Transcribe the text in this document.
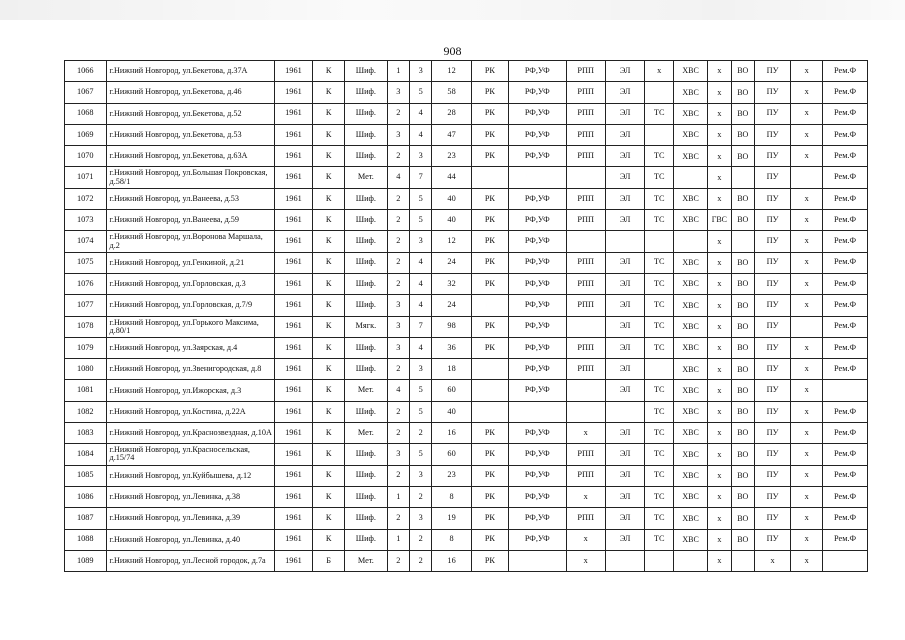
908
1066	г.Нижний Новгород, ул.Бекетова, д.37А	1961	К	Шиф.	1	3	12	РК	РФ,УФ	РПП	ЭЛ	х	ХВС	х	ВО	ПУ	х	Рем.Ф
1067	г.Нижний Новгород, ул.Бекетова, д.46	1961	К	Шиф.	3	5	58	РК	РФ,УФ	РПП	ЭЛ		ХВС	х	ВО	ПУ	х	Рем.Ф
1068	г.Нижний Новгород, ул.Бекетова, д.52	1961	К	Шиф.	2	4	28	РК	РФ,УФ	РПП	ЭЛ	ТС	ХВС	х	ВО	ПУ	х	Рем.Ф
1069	г.Нижний Новгород, ул.Бекетова, д.53	1961	К	Шиф.	3	4	47	РК	РФ,УФ	РПП	ЭЛ		ХВС	х	ВО	ПУ	х	Рем.Ф
1070	г.Нижний Новгород, ул.Бекетова, д.63А	1961	К	Шиф.	2	3	23	РК	РФ,УФ	РПП	ЭЛ	ТС	ХВС	х	ВО	ПУ	х	Рем.Ф
1071	г.Нижний Новгород, ул.Большая Покровская, д.58/1	1961	К	Мет.	4	7	44				ЭЛ	ТС		х		ПУ		Рем.Ф
1072	г.Нижний Новгород, ул.Ванеева, д.53	1961	К	Шиф.	2	5	40	РК	РФ,УФ	РПП	ЭЛ	ТС	ХВС	х	ВО	ПУ	х	Рем.Ф
1073	г.Нижний Новгород, ул.Ванеева, д.59	1961	К	Шиф.	2	5	40	РК	РФ,УФ	РПП	ЭЛ	ТС	ХВС	ГВС	ВО	ПУ	х	Рем.Ф
1074	г.Нижний Новгород, ул.Воронова Маршала, д.2	1961	К	Шиф.	2	3	12	РК	РФ,УФ					х		ПУ	х	Рем.Ф
1075	г.Нижний Новгород, ул.Генкиной, д.21	1961	К	Шиф.	2	4	24	РК	РФ,УФ	РПП	ЭЛ	ТС	ХВС	х	ВО	ПУ	х	Рем.Ф
1076	г.Нижний Новгород, ул.Горловская, д.3	1961	К	Шиф.	2	4	32	РК	РФ,УФ	РПП	ЭЛ	ТС	ХВС	х	ВО	ПУ	х	Рем.Ф
1077	г.Нижний Новгород, ул.Горловская, д.7/9	1961	К	Шиф.	3	4	24		РФ,УФ	РПП	ЭЛ	ТС	ХВС	х	ВО	ПУ	х	Рем.Ф
1078	г.Нижний Новгород, ул.Горького Максима, д.80/1	1961	К	Мягк.	3	7	98	РК	РФ,УФ		ЭЛ	ТС	ХВС	х	ВО	ПУ		Рем.Ф
1079	г.Нижний Новгород, ул.Заярская, д.4	1961	К	Шиф.	3	4	36	РК	РФ,УФ	РПП	ЭЛ	ТС	ХВС	х	ВО	ПУ	х	Рем.Ф
1080	г.Нижний Новгород, ул.Звенигородская, д.8	1961	К	Шиф.	2	3	18		РФ,УФ	РПП	ЭЛ		ХВС	х	ВО	ПУ	х	Рем.Ф
1081	г.Нижний Новгород, ул.Ижорская, д.3	1961	К	Мет.	4	5	60		РФ,УФ		ЭЛ	ТС	ХВС	х	ВО	ПУ	х	
1082	г.Нижний Новгород, ул.Костина, д.22А	1961	К	Шиф.	2	5	40					ТС	ХВС	х	ВО	ПУ	х	Рем.Ф
1083	г.Нижний Новгород, ул.Краснозвездная, д.10А	1961	К	Мет.	2	2	16	РК	РФ,УФ	х	ЭЛ	ТС	ХВС	х	ВО	ПУ	х	Рем.Ф
1084	г.Нижний Новгород, ул.Красносельская, д.15/74	1961	К	Шиф.	3	5	60	РК	РФ,УФ	РПП	ЭЛ	ТС	ХВС	х	ВО	ПУ	х	Рем.Ф
1085	г.Нижний Новгород, ул.Куйбышева, д.12	1961	К	Шиф.	2	3	23	РК	РФ,УФ	РПП	ЭЛ	ТС	ХВС	х	ВО	ПУ	х	Рем.Ф
1086	г.Нижний Новгород, ул.Левинка, д.38	1961	К	Шиф.	1	2	8	РК	РФ,УФ	х	ЭЛ	ТС	ХВС	х	ВО	ПУ	х	Рем.Ф
1087	г.Нижний Новгород, ул.Левинка, д.39	1961	К	Шиф.	2	3	19	РК	РФ,УФ	РПП	ЭЛ	ТС	ХВС	х	ВО	ПУ	х	Рем.Ф
1088	г.Нижний Новгород, ул.Левинка, д.40	1961	К	Шиф.	1	2	8	РК	РФ,УФ	х	ЭЛ	ТС	ХВС	х	ВО	ПУ	х	Рем.Ф
1089	г.Нижний Новгород, ул.Лесной городок, д.7а	1961	Б	Мет.	2	2	16	РК		х				х		х	х	
